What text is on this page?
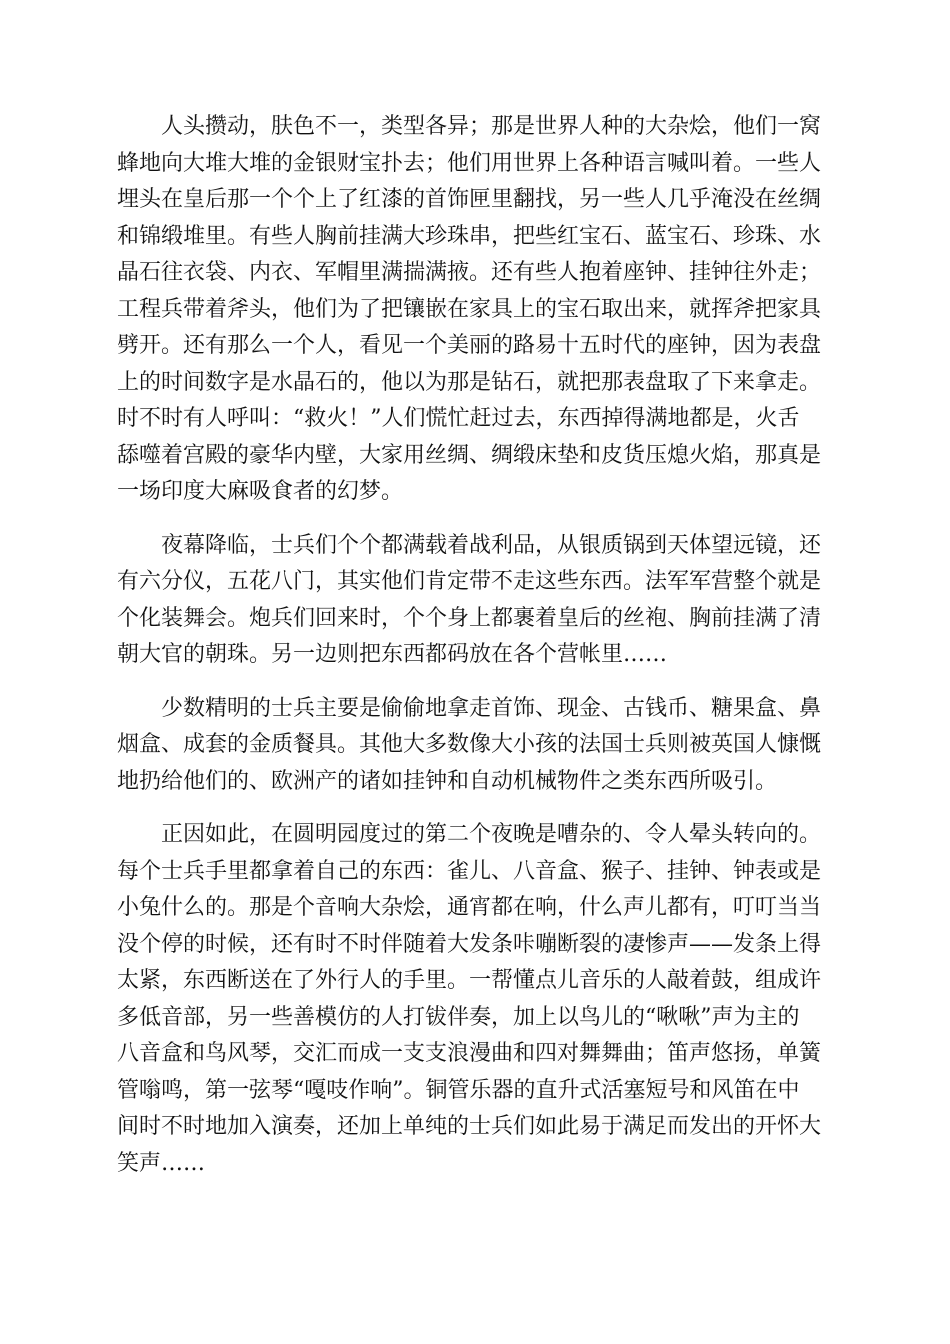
人头攒动，肤色不一，类型各异；那是世界人种的大杂烩，他们一窝
蜂地向大堆大堆的金银财宝扑去；他们用世界上各种语言喊叫着。一些人
埋头在皇后那一个个上了红漆的首饰匣里翻找，另一些人几乎淹没在丝绸
和锦缎堆里。有些人胸前挂满大珍珠串，把些红宝石、蓝宝石、珍珠、水
晶石往衣袋、内衣、军帽里满揣满掖。还有些人抱着座钟、挂钟往外走；
工程兵带着斧头，他们为了把镶嵌在家具上的宝石取出来，就挥斧把家具
劈开。还有那么一个人，看见一个美丽的路易十五时代的座钟，因为表盘
上的时间数字是水晶石的，他以为那是钻石，就把那表盘取了下来拿走。
时不时有人呼叫：“救火！”人们慌忙赶过去，东西掉得满地都是，火舌
舔噬着宫殿的豪华内壁，大家用丝绸、绸缎床垫和皮货压熄火焰，那真是
一场印度大麻吸食者的幻梦。

夜幕降临，士兵们个个都满载着战利品，从银质锅到天体望远镜，还
有六分仪，五花八门，其实他们肯定带不走这些东西。法军军营整个就是
个化装舞会。炮兵们回来时，个个身上都裹着皇后的丝袍、胸前挂满了清
朝大官的朝珠。另一边则把东西都码放在各个营帐里……

少数精明的士兵主要是偷偷地拿走首饰、现金、古钱币、糖果盒、鼻
烟盒、成套的金质餐具。其他大多数像大小孩的法国士兵则被英国人慷慨
地扔给他们的、欧洲产的诸如挂钟和自动机械物件之类东西所吸引。

正因如此，在圆明园度过的第二个夜晚是嘈杂的、令人晕头转向的。
每个士兵手里都拿着自己的东西：雀儿、八音盒、猴子、挂钟、钟表或是
小兔什么的。那是个音响大杂烩，通宵都在响，什么声儿都有，叮叮当当
没个停的时候，还有时不时伴随着大发条咔嘣断裂的凄惨声——发条上得
太紧，东西断送在了外行人的手里。一帮懂点儿音乐的人敲着鼓，组成许
多低音部，另一些善模仿的人打钹伴奏，加上以鸟儿的“啾啾”声为主的
八音盒和鸟风琴，交汇而成一支支浪漫曲和四对舞舞曲；笛声悠扬，单簧
管嗡鸣，第一弦琴“嘎吱作响”。铜管乐器的直升式活塞短号和风笛在中
间时不时地加入演奏，还加上单纯的士兵们如此易于满足而发出的开怀大
笑声……
